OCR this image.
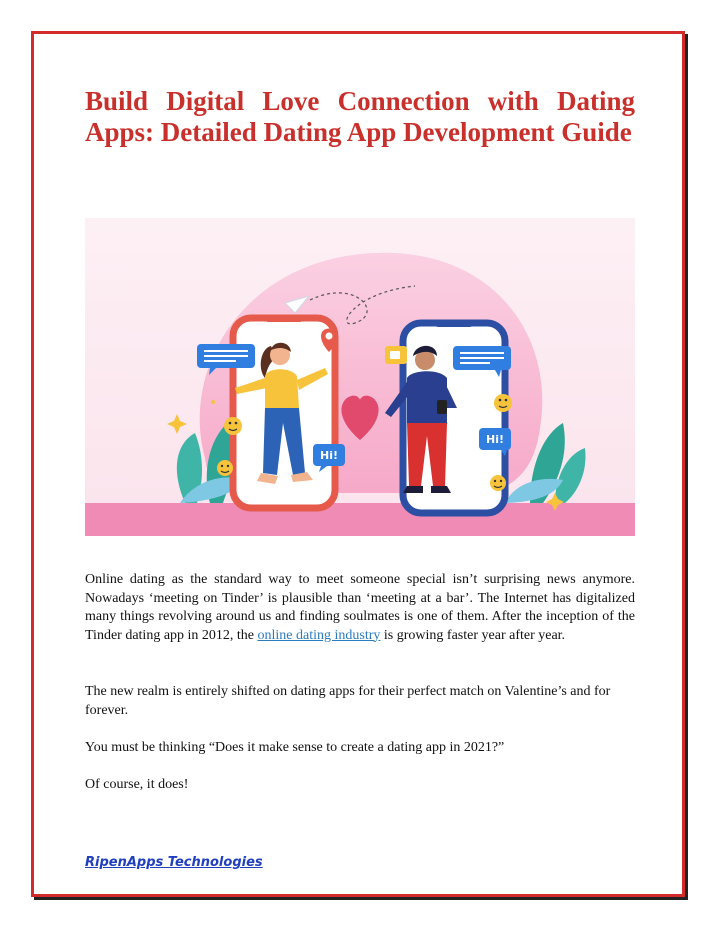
Build Digital Love Connection with Dating Apps: Detailed Dating App Development Guide
Hi!
Hi!

Online dating as the standard way to meet someone special isn’t surprising news anymore. Nowadays ‘meeting on Tinder’ is plausible than ‘meeting at a bar’. The Internet has digitalized many things revolving around us and finding soulmates is one of them. After the inception of the Tinder dating app in 2012, the online dating industry is growing faster year after year.

The new realm is entirely shifted on dating apps for their perfect match on Valentine’s and for forever.

You must be thinking “Does it make sense to create a dating app in 2021?”

Of course, it does!

RipenApps Technologies
